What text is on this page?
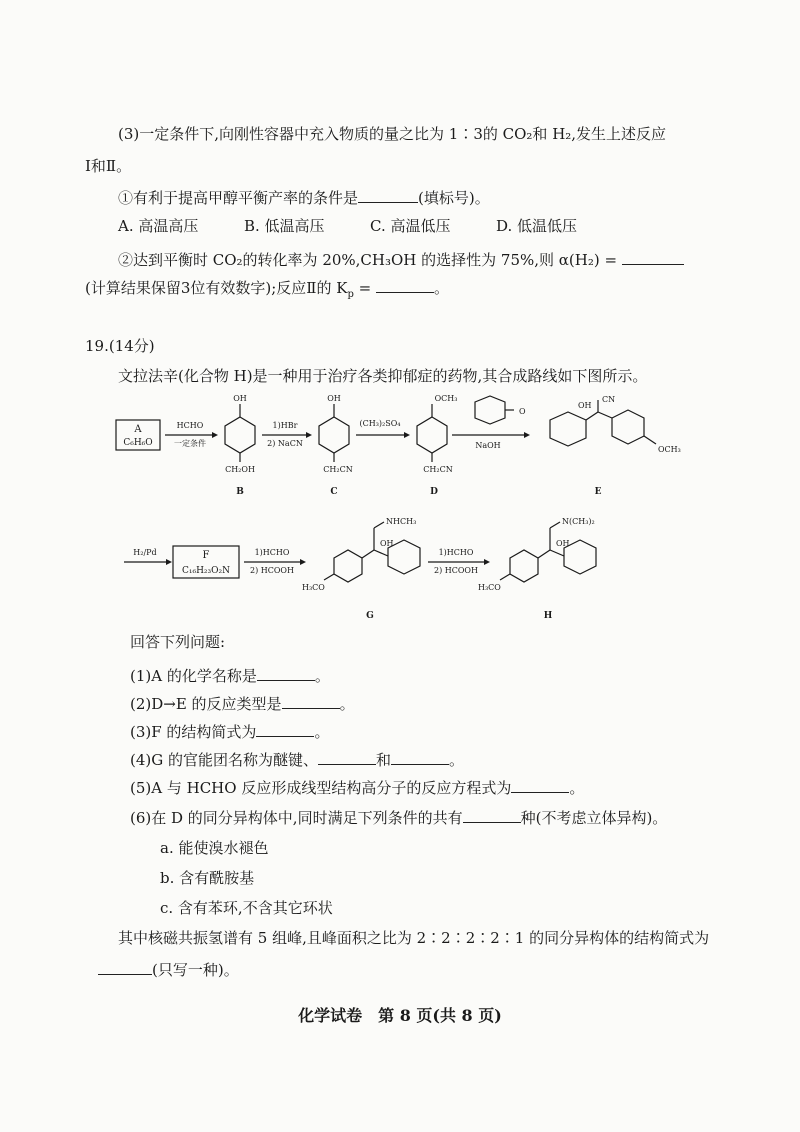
(3)一定条件下,向刚性容器中充入物质的量之比为 1∶3的 CO₂和 H₂,发生上述反应
Ⅰ和Ⅱ。
①有利于提高甲醇平衡产率的条件是	(填标号)。
A. 高温高压	B. 低温高压	C. 高温低压	D. 低温低压
②达到平衡时 CO₂的转化率为 20%,CH₃OH 的选择性为 75%,则 α(H₂) =
(计算结果保留3位有效数字);反应Ⅱ的 $K_p$ =	。
19.(14分)
文拉法辛(化合物 H)是一种用于治疗各类抑郁症的药物,其合成路线如下图所示。
A
C₆H₆O
HCHO
一定条件
OH
CH₂OH
B
1)HBr
2) NaCN
OH
CH₂CN
C
(CH₃)₂SO₄
OCH₃
CH₂CN
D
O
NaOH
OH
CN
OCH₃
E
H₂/Pd	F
C₁₆H₂₃O₂N
1)HCHO
2) HCOOH
NHCH₃
OH
H₃CO
G
1)HCHO
2) HCOOH
N(CH₃)₂
OH
H₃CO
H
回答下列问题:
(1)A 的化学名称是	。
(2)D→E 的反应类型是	。
(3)F 的结构简式为	。
(4)G 的官能团名称为醚键、	和	。
(5)A 与 HCHO 反应形成线型结构高分子的反应方程式为	。
(6)在 D 的同分异构体中,同时满足下列条件的共有	种(不考虑立体异构)。
a. 能使溴水褪色
b. 含有酰胺基
c. 含有苯环,不含其它环状
其中核磁共振氢谱有 5 组峰,且峰面积之比为 2∶2∶2∶2∶1 的同分异构体的结构简式为
(只写一种)。
化学试卷　第 8 页(共 8 页)
